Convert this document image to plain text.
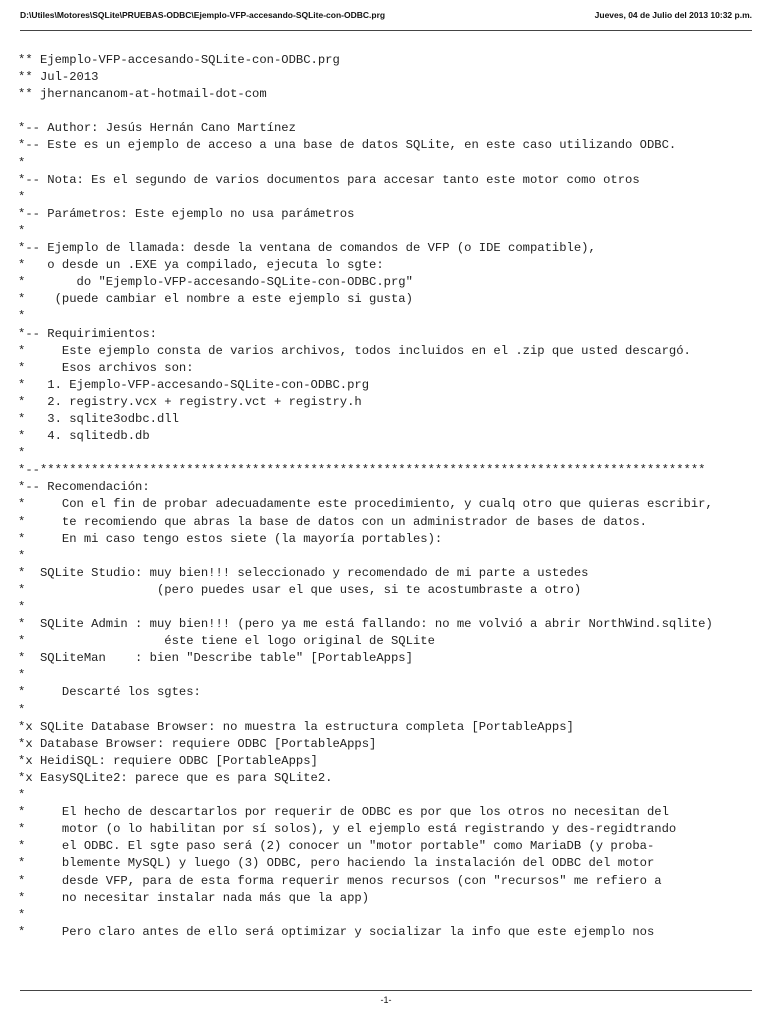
D:\Utiles\Motores\SQLite\PRUEBAS-ODBC\Ejemplo-VFP-accesando-SQLite-con-ODBC.prg	Jueves, 04 de Julio del 2013 10:32 p.m.
** Ejemplo-VFP-accesando-SQLite-con-ODBC.prg
** Jul-2013
** jhernancanom-at-hotmail-dot-com
*-- Author: Jesús Hernán Cano Martínez
*-- Este es un ejemplo de acceso a una base de datos SQLite, en este caso utilizando ODBC.
*
*-- Nota: Es el segundo de varios documentos para accesar tanto este motor como otros
*
*-- Parámetros: Este ejemplo no usa parámetros
*
*-- Ejemplo de llamada: desde la ventana de comandos de VFP (o IDE compatible),
*   o desde un .EXE ya compilado, ejecuta lo sgte:
*       do "Ejemplo-VFP-accesando-SQLite-con-ODBC.prg"
*    (puede cambiar el nombre a este ejemplo si gusta)
*
*-- Requirimientos:
*     Este ejemplo consta de varios archivos, todos incluidos en el .zip que usted descargó.
*     Esos archivos son:
*   1. Ejemplo-VFP-accesando-SQLite-con-ODBC.prg
*   2. registry.vcx + registry.vct + registry.h
*   3. sqlite3odbc.dll
*   4. sqlitedb.db
*
*--*******************************************************************************************
*-- Recomendación:
*     Con el fin de probar adecuadamente este procedimiento, y cualq otro que quieras escribir,
*     te recomiendo que abras la base de datos con un administrador de bases de datos.
*     En mi caso tengo estos siete (la mayoría portables):
*
*  SQLite Studio: muy bien!!! seleccionado y recomendado de mi parte a ustedes
*                  (pero puedes usar el que uses, si te acostumbraste a otro)
*
*  SQLite Admin : muy bien!!! (pero ya me está fallando: no me volvió a abrir NorthWind.sqlite)
*                   éste tiene el logo original de SQLite
*  SQLiteMan    : bien "Describe table" [PortableApps]
*
*     Descarté los sgtes:
*
*x SQLite Database Browser: no muestra la estructura completa [PortableApps]
*x Database Browser: requiere ODBC [PortableApps]
*x HeidiSQL: requiere ODBC [PortableApps]
*x EasySQLite2: parece que es para SQLite2.
*
*     El hecho de descartarlos por requerir de ODBC es por que los otros no necesitan del
*     motor (o lo habilitan por sí solos), y el ejemplo está registrando y des-regidtrando
*     el ODBC. El sgte paso será (2) conocer un "motor portable" como MariaDB (y proba-
*     blemente MySQL) y luego (3) ODBC, pero haciendo la instalación del ODBC del motor
*     desde VFP, para de esta forma requerir menos recursos (con "recursos" me refiero a
*     no necesitar instalar nada más que la app)
*
*     Pero claro antes de ello será optimizar y socializar la info que este ejemplo nos
-1-
